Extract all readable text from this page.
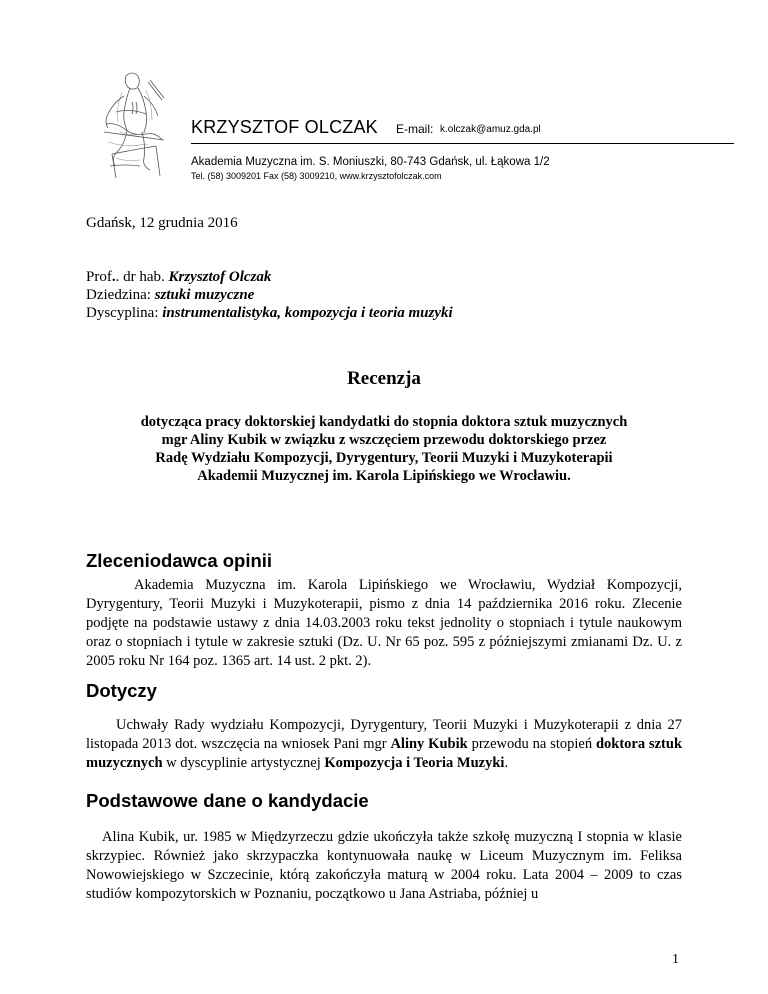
KRZYSZTOF OLCZAK E-mail: k.olczak@amuz.gda.pl
Akademia Muzyczna im. S. Moniuszki, 80-743 Gdańsk, ul. Łąkowa 1/2
Tel. (58) 3009201 Fax (58) 3009210, www.krzysztofolczak.com
Gdańsk, 12 grudnia 2016
Prof.. dr hab. Krzysztof Olczak
Dziedzina: sztuki muzyczne
Dyscyplina: instrumentalistyka, kompozycja i teoria muzyki
Recenzja
dotycząca pracy doktorskiej kandydatki do stopnia doktora sztuk muzycznych
mgr Aliny Kubik w związku z wszczęciem przewodu doktorskiego przez
Radę Wydziału Kompozycji, Dyrygentury, Teorii Muzyki i Muzykoterapii
Akademii Muzycznej im. Karola Lipińskiego we Wrocławiu.
Zleceniodawca opinii
Akademia Muzyczna im. Karola Lipińskiego we Wrocławiu, Wydział Kompozycji, Dyrygentury, Teorii Muzyki i Muzykoterapii, pismo z dnia 14 października 2016 roku. Zlecenie podjęte na podstawie ustawy z dnia 14.03.2003 roku tekst jednolity o stopniach i tytule naukowym oraz o stopniach i tytule w zakresie sztuki (Dz. U. Nr 65 poz. 595 z późniejszymi zmianami Dz. U. z 2005 roku Nr 164 poz. 1365 art. 14 ust. 2 pkt. 2).
Dotyczy
Uchwały Rady wydziału Kompozycji, Dyrygentury, Teorii Muzyki i Muzykoterapii z dnia 27 listopada 2013 dot. wszczęcia na wniosek Pani mgr Aliny Kubik przewodu na stopień doktora sztuk muzycznych w dyscyplinie artystycznej Kompozycja i Teoria Muzyki.
Podstawowe dane o kandydacie
Alina Kubik, ur. 1985 w Międzyrzeczu gdzie ukończyła także szkołę muzyczną I stopnia w klasie skrzypiec. Również jako skrzypaczka kontynuowała naukę w Liceum Muzycznym im. Feliksa Nowowiejskiego w Szczecinie, którą zakończyła maturą w 2004 roku. Lata 2004 – 2009 to czas studiów kompozytorskich w Poznaniu, początkowo u Jana Astriaba, później u
1
